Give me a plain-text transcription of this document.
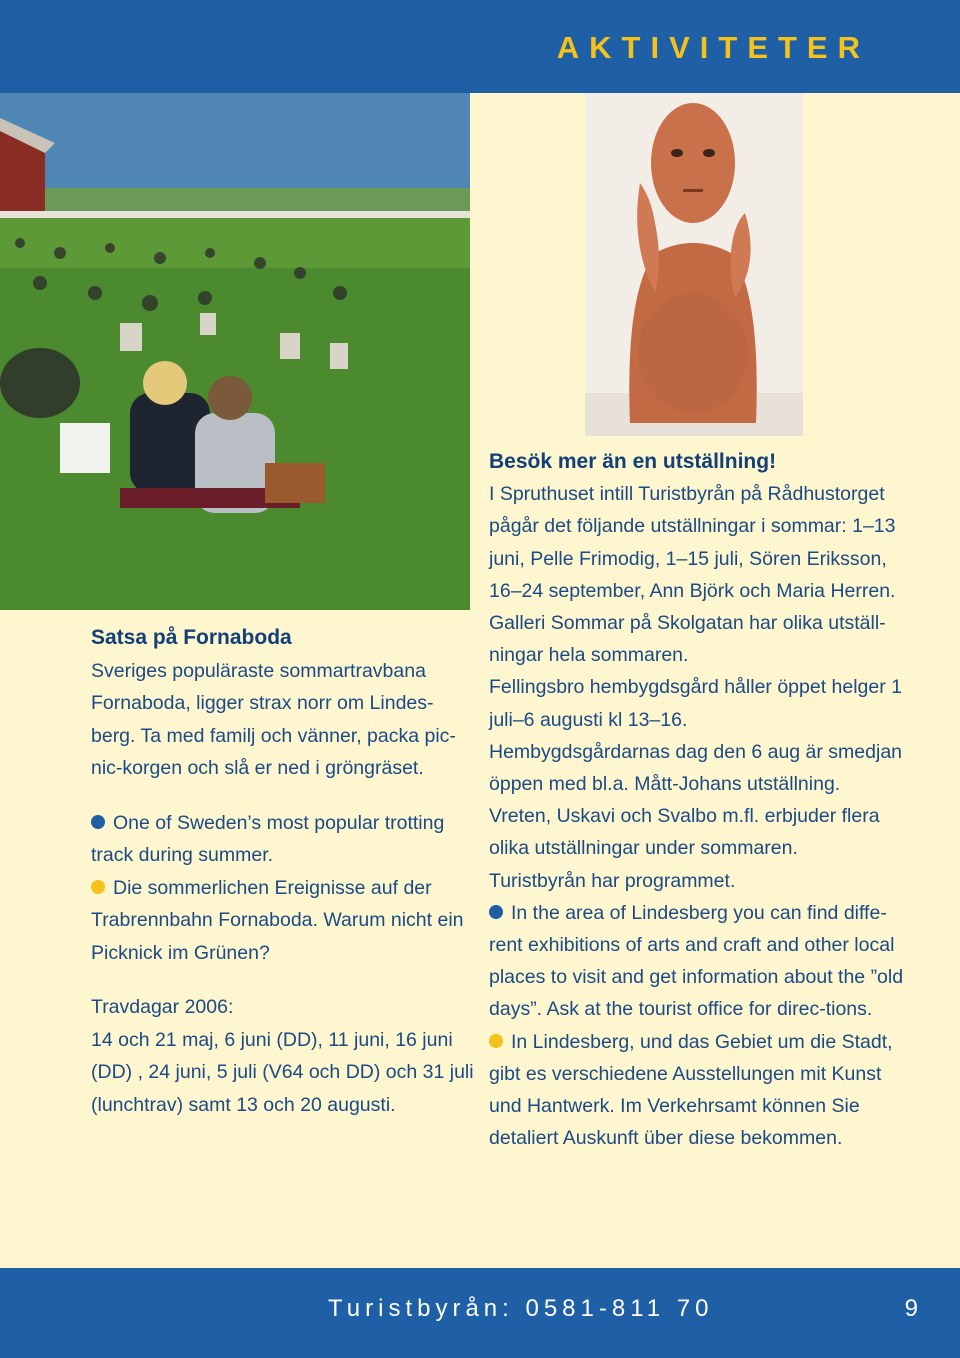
AKTIVITETER
Satsa på Fornaboda

Sveriges populäraste sommartravbana Fornaboda, ligger strax norr om Lindes-berg. Ta med familj och vänner, packa pic-nic-korgen och slå er ned i gröngräset.

One of Sweden’s most popular trotting track during summer.

Die sommerlichen Ereignisse auf der Trabrennbahn Fornaboda. Warum nicht ein Picknick im Grünen?

Travdagar 2006:

14 och 21 maj, 6 juni (DD), 11 juni, 16 juni (DD) , 24 juni, 5 juli (V64 och DD) och 31 juli (lunchtrav) samt 13 och 20 augusti.

Besök mer än en utställning!

I Spruthuset intill Turistbyrån på Rådhustorget pågår det följande utställningar i sommar: 1–13 juni, Pelle Frimodig, 1–15 juli, Sören Eriksson, 16–24 september, Ann Björk och Maria Herren.

Galleri Sommar på Skolgatan har olika utställ-ningar hela sommaren.

Fellingsbro hembygdsgård håller öppet helger 1 juli–6 augusti kl 13–16.

Hembygdsgårdarnas dag den 6 aug är smedjan öppen med bl.a. Mått-Johans utställning.

Vreten, Uskavi och Svalbo m.fl. erbjuder flera olika utställningar under sommaren.

Turistbyrån har programmet.

In the area of Lindesberg you can find diffe-rent exhibitions of arts and craft and other local places to visit and get information about the ”old days”. Ask at the tourist office for direc-tions.

In Lindesberg, und das Gebiet um die Stadt, gibt es verschiedene Ausstellungen mit Kunst und Hantwerk. Im Verkehrsamt können Sie detaliert Auskunft über diese bekommen.

Turistbyrån: 0581-811 70	9
